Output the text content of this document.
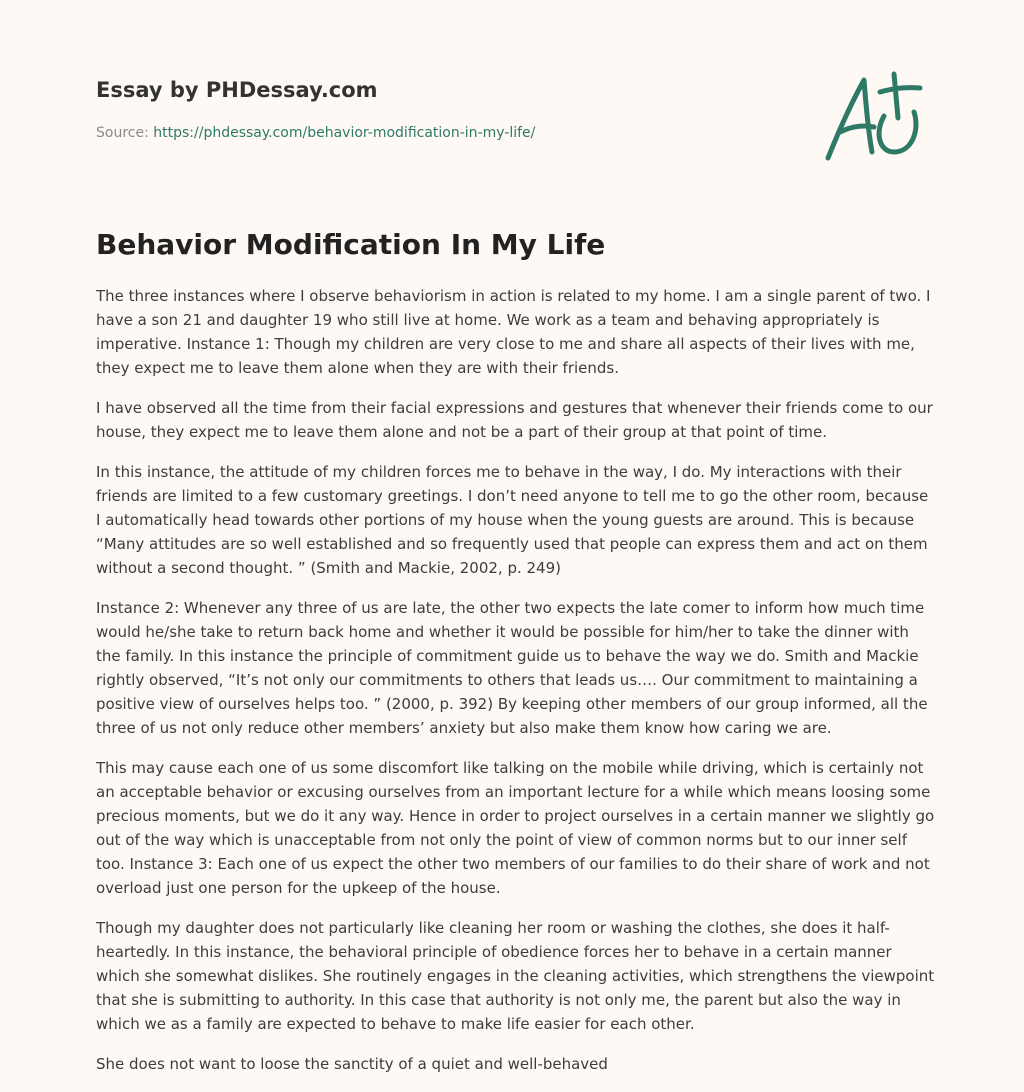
Essay by PHDessay.com
Source: https://phdessay.com/behavior-modification-in-my-life/
Behavior Modification In My Life

The three instances where I observe behaviorism in action is related to my home. I am a single parent of two. I have a son 21 and daughter 19 who still live at home. We work as a team and behaving appropriately is imperative. Instance 1: Though my children are very close to me and share all aspects of their lives with me, they expect me to leave them alone when they are with their friends.

I have observed all the time from their facial expressions and gestures that whenever their friends come to our house, they expect me to leave them alone and not be a part of their group at that point of time.

In this instance, the attitude of my children forces me to behave in the way, I do. My interactions with their friends are limited to a few customary greetings. I don’t need anyone to tell me to go the other room, because I automatically head towards other portions of my house when the young guests are around. This is because “Many attitudes are so well established and so frequently used that people can express them and act on them without a second thought. ” (Smith and Mackie, 2002, p. 249)

Instance 2: Whenever any three of us are late, the other two expects the late comer to inform how much time would he/she take to return back home and whether it would be possible for him/her to take the dinner with the family. In this instance the principle of commitment guide us to behave the way we do. Smith and Mackie rightly observed, “It’s not only our commitments to others that leads us…. Our commitment to maintaining a positive view of ourselves helps too. ” (2000, p. 392) By keeping other members of our group informed, all the three of us not only reduce other members’ anxiety but also make them know how caring we are.

This may cause each one of us some discomfort like talking on the mobile while driving, which is certainly not an acceptable behavior or excusing ourselves from an important lecture for a while which means loosing some precious moments, but we do it any way. Hence in order to project ourselves in a certain manner we slightly go out of the way which is unacceptable from not only the point of view of common norms but to our inner self too. Instance 3: Each one of us expect the other two members of our families to do their share of work and not overload just one person for the upkeep of the house.

Though my daughter does not particularly like cleaning her room or washing the clothes, she does it half-heartedly. In this instance, the behavioral principle of obedience forces her to behave in a certain manner which she somewhat dislikes. She routinely engages in the cleaning activities, which strengthens the viewpoint that she is submitting to authority. In this case that authority is not only me, the parent but also the way in which we as a family are expected to behave to make life easier for each other.

She does not want to loose the sanctity of a quiet and well-behaved
